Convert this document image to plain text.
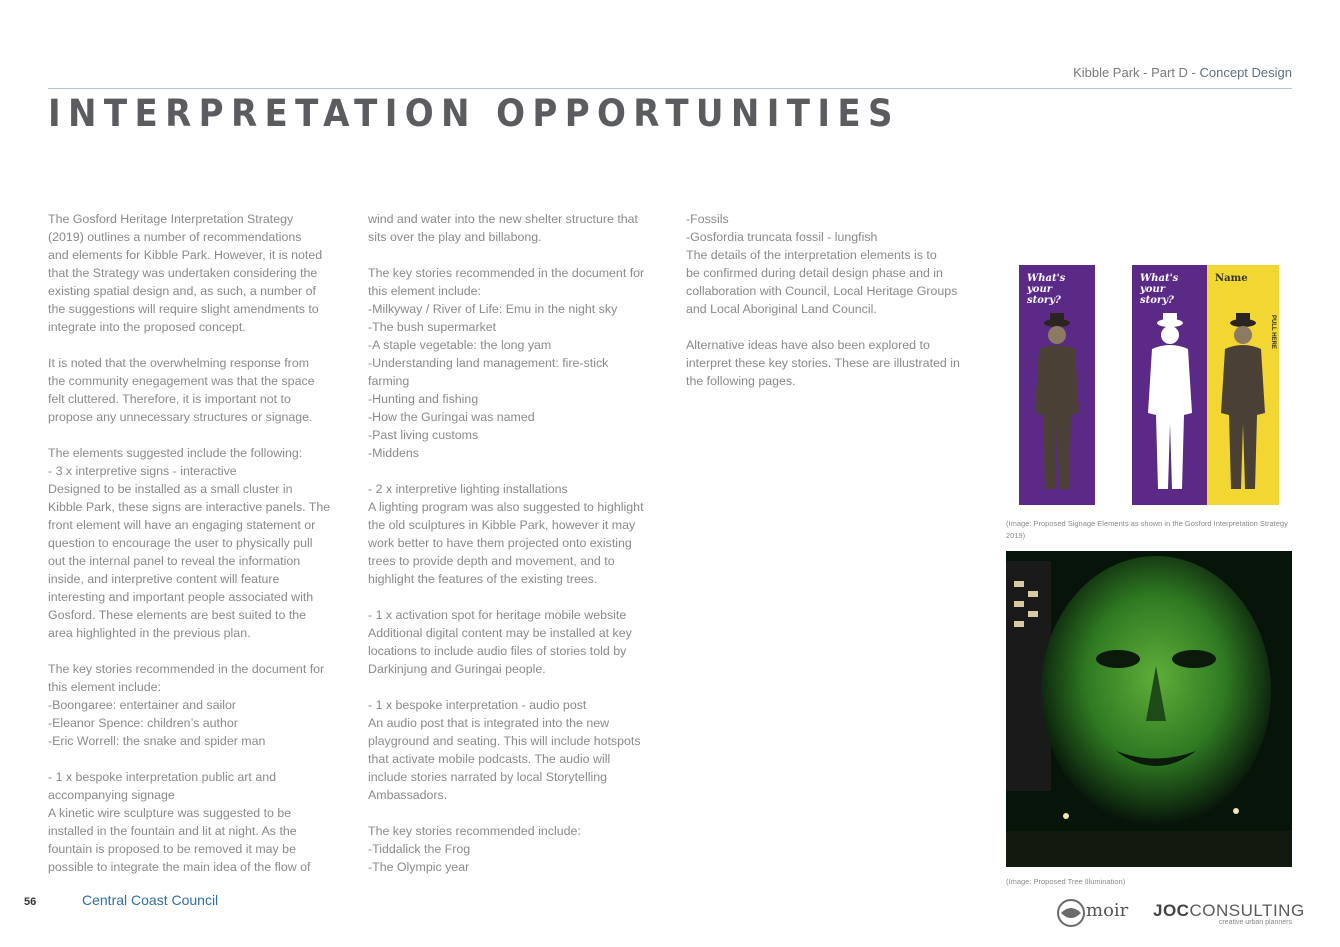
Kibble Park - Part D - Concept Design
INTERPRETATION OPPORTUNITIES

The Gosford Heritage Interpretation Strategy
(2019) outlines a number of recommendations
and elements for Kibble Park. However, it is noted
that the Strategy was undertaken considering the
existing spatial design and, as such, a number of
the suggestions will require slight amendments to
integrate into the proposed concept.

It is noted that the overwhelming response from
the community enegagement was that the space
felt cluttered. Therefore, it is important not to
propose any unnecessary structures or signage.

The elements suggested include the following:
- 3 x interpretive signs - interactive
Designed to be installed as a small cluster in
Kibble Park, these signs are interactive panels. The
front element will have an engaging statement or
question to encourage the user to physically pull
out the internal panel to reveal the information
inside, and interpretive content will feature
interesting and important people associated with
Gosford. These elements are best suited to the
area highlighted in the previous plan.

The key stories recommended in the document for
this element include:
-Boongaree: entertainer and sailor
-Eleanor Spence: children’s author
-Eric Worrell: the snake and spider man

- 1 x bespoke interpretation public art and
accompanying signage
A kinetic wire sculpture was suggested to be
installed in the fountain and lit at night. As the
fountain is proposed to be removed it may be
possible to integrate the main idea of the flow of

wind and water into the new shelter structure that
sits over the play and billabong.

The key stories recommended in the document for
this element include:
-Milkyway / River of Life: Emu in the night sky
-The bush supermarket
-A staple vegetable: the long yam
-Understanding land management: fire-stick
farming
-Hunting and fishing
-How the Guringai was named
-Past living customs
-Middens

- 2 x interpretive lighting installations
A lighting program was also suggested to highlight
the old sculptures in Kibble Park, however it may
work better to have them projected onto existing
trees to provide depth and movement, and to
highlight the features of the existing trees.

- 1 x activation spot for heritage mobile website
Additional digital content may be installed at key
locations to include audio files of stories told by
Darkinjung and Guringai people.

- 1 x bespoke interpretation - audio post
An audio post that is integrated into the new
playground and seating. This will include hotspots
that activate mobile podcasts. The audio will
include stories narrated by local Storytelling
Ambassadors.

The key stories recommended include:
-Tiddalick the Frog
-The Olympic year

-Fossils
-Gosfordia truncata fossil - lungfish
The details of the interpretation elements is to
be confirmed during detail design phase and in
collaboration with Council, Local Heritage Groups
and Local Aboriginal Land Council.

Alternative ideas have also been explored to
interpret these key stories. These are illustrated in
the following pages.

What's
your
story?
What's
your
story?
Name
PULL HERE
(Image: Proposed Signage Elements as shown in the Gosford Interpretation Strategy 2019)
(Image: Proposed Tree Illumination)
56	Central Coast Council	moir JOCCONSULTING
creative urban planners
